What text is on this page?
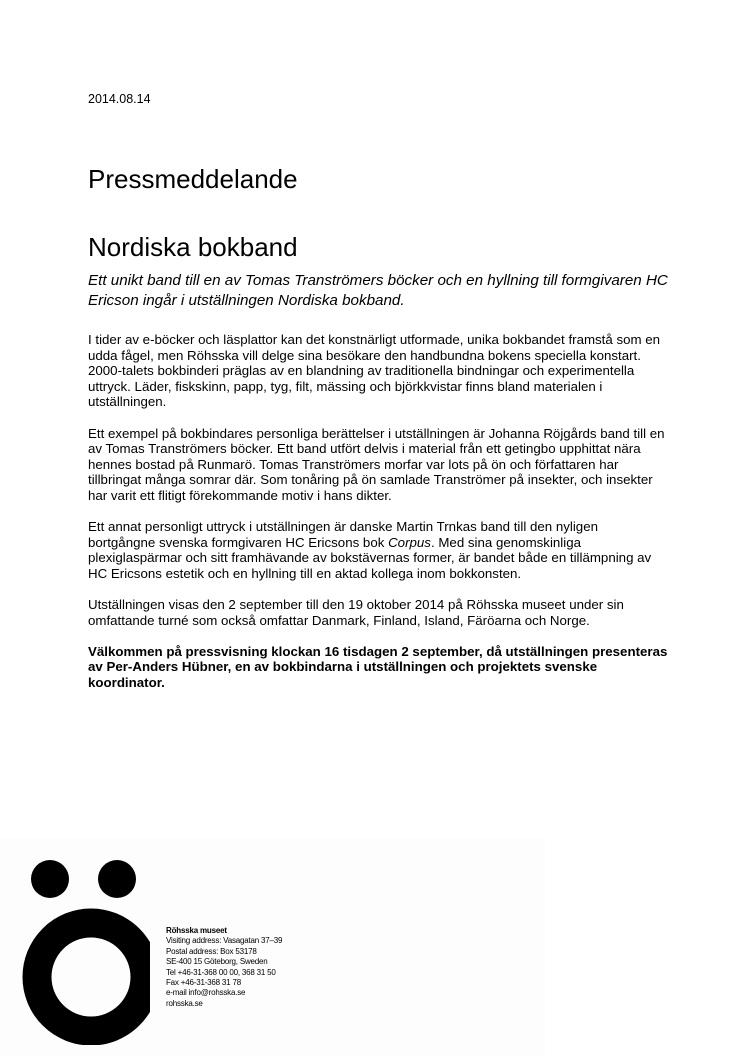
2014.08.14
Pressmeddelande
Nordiska bokband

Ett unikt band till en av Tomas Tranströmers böcker och en hyllning till formgivaren HC Ericson ingår i utställningen Nordiska bokband.

I tider av e-böcker och läsplattor kan det konstnärligt utformade, unika bokbandet framstå som en udda fågel, men Röhsska vill delge sina besökare den handbundna bokens speciella konstart. 2000-talets bokbinderi präglas av en blandning av traditionella bindningar och experimentella uttryck. Läder, fiskskinn, papp, tyg, filt, mässing och björkkvistar finns bland materialen i utställningen.

Ett exempel på bokbindares personliga berättelser i utställningen är Johanna Röjgårds band till en av Tomas Tranströmers böcker. Ett band utfört delvis i material från ett getingbo upphittat nära hennes bostad på Runmarö. Tomas Tranströmers morfar var lots på ön och författaren har tillbringat många somrar där. Som tonåring på ön samlade Tranströmer på insekter, och insekter har varit ett flitigt förekommande motiv i hans dikter.

Ett annat personligt uttryck i utställningen är danske Martin Trnkas band till den nyligen bortgångne svenska formgivaren HC Ericsons bok Corpus. Med sina genomskinliga plexiglaspärmar och sitt framhävande av bokstävernas former, är bandet både en tillämpning av HC Ericsons estetik och en hyllning till en aktad kollega inom bokkonsten.

Utställningen visas den 2 september till den 19 oktober 2014 på Röhsska museet under sin omfattande turné som också omfattar Danmark, Finland, Island, Färöarna och Norge.

Välkommen på pressvisning klockan 16 tisdagen 2 september, då utställningen presenteras av Per-Anders Hübner, en av bokbindarna i utställningen och projektets svenske koordinator.

Röhsska museet
Visiting address: Vasagatan 37–39
Postal address: Box 53178
SE-400 15 Göteborg, Sweden
Tel +46-31-368 00 00, 368 31 50
Fax +46-31-368 31 78
e-mail info@rohsska.se
rohsska.se
